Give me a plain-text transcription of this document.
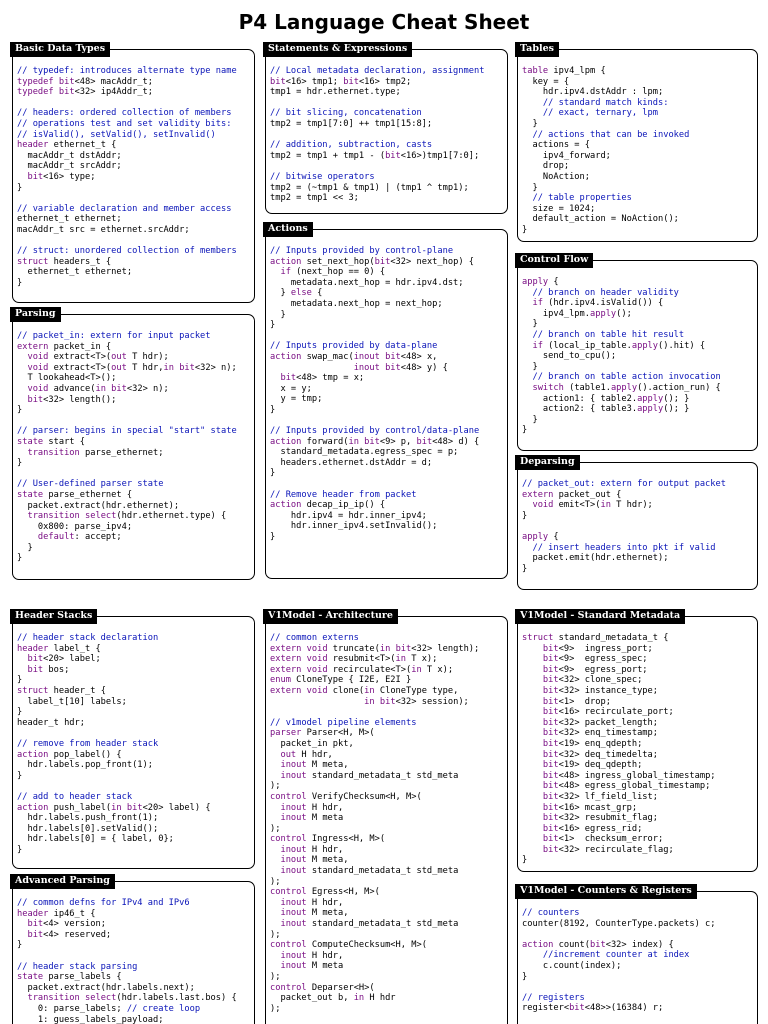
P4 Language Cheat Sheet
Basic Data Types
// typedef: introduces alternate type name
typedef bit<48> macAddr_t;
typedef bit<32> ip4Addr_t;

// headers: ordered collection of members
// operations test and set validity bits:
// isValid(), setValid(), setInvalid()
header ethernet_t {
macAddr_t dstAddr;
macAddr_t srcAddr;
bit<16> type;
}

// variable declaration and member access
ethernet_t ethernet;
macAddr_t src = ethernet.srcAddr;

// struct: unordered collection of members
struct headers_t {
ethernet_t ethernet;
}
Parsing
// packet_in: extern for input packet
extern packet_in {
void extract<T>(out T hdr);
void extract<T>(out T hdr,in bit<32> n);
T lookahead<T>();
void advance(in bit<32> n);
bit<32> length();
}

// parser: begins in special "start" state
state start {
transition parse_ethernet;
}

// User-defined parser state
state parse_ethernet {
packet.extract(hdr.ethernet);
transition select(hdr.ethernet.type) {
0x800: parse_ipv4;
default: accept;
}
}
Header Stacks
// header stack declaration
header label_t {
bit<20> label;
bit bos;
}
struct header_t {
label_t[10] labels;
}
header_t hdr;

// remove from header stack
action pop_label() {
hdr.labels.pop_front(1);
}

// add to header stack
action push_label(in bit<20> label) {
hdr.labels.push_front(1);
hdr.labels[0].setValid();
hdr.labels[0] = { label, 0};
}
Advanced Parsing
// common defns for IPv4 and IPv6
header ip46_t {
bit<4> version;
bit<4> reserved;
}

// header stack parsing
state parse_labels {
packet.extract(hdr.labels.next);
transition select(hdr.labels.last.bos) {
0: parse_labels; // create loop
1: guess_labels_payload;
Statements & Expressions
// Local metadata declaration, assignment
bit<16> tmp1; bit<16> tmp2;
tmp1 = hdr.ethernet.type;

// bit slicing, concatenation
tmp2 = tmp1[7:0] ++ tmp1[15:8];

// addition, subtraction, casts
tmp2 = tmp1 + tmp1 - (bit<16>)tmp1[7:0];

// bitwise operators
tmp2 = (~tmp1 & tmp1) | (tmp1 ^ tmp1);
tmp2 = tmp1 << 3;
Actions
// Inputs provided by control-plane
action set_next_hop(bit<32> next_hop) {
if (next_hop == 0) {
metadata.next_hop = hdr.ipv4.dst;
} else {
metadata.next_hop = next_hop;
}
}

// Inputs provided by data-plane
action swap_mac(inout bit<48> x,
inout bit<48> y) {
bit<48> tmp = x;
x = y;
y = tmp;
}

// Inputs provided by control/data-plane
action forward(in bit<9> p, bit<48> d) {
standard_metadata.egress_spec = p;
headers.ethernet.dstAddr = d;
}

// Remove header from packet
action decap_ip_ip() {
hdr.ipv4 = hdr.inner_ipv4;
hdr.inner_ipv4.setInvalid();
}
V1Model - Architecture
// common externs
extern void truncate(in bit<32> length);
extern void resubmit<T>(in T x);
extern void recirculate<T>(in T x);
enum CloneType { I2E, E2I }
extern void clone(in CloneType type,
in bit<32> session);

// v1model pipeline elements
parser Parser<H, M>(
packet_in pkt,
out H hdr,
inout M meta,
inout standard_metadata_t std_meta
);
control VerifyChecksum<H, M>(
inout H hdr,
inout M meta
);
control Ingress<H, M>(
inout H hdr,
inout M meta,
inout standard_metadata_t std_meta
);
control Egress<H, M>(
inout H hdr,
inout M meta,
inout standard_metadata_t std_meta
);
control ComputeChecksum<H, M>(
inout H hdr,
inout M meta
);
control Deparser<H>(
packet_out b, in H hdr
);
Tables
table ipv4_lpm {
key = {
hdr.ipv4.dstAddr : lpm;
// standard match kinds:
// exact, ternary, lpm
}
// actions that can be invoked
actions = {
ipv4_forward;
drop;
NoAction;
}
// table properties
size = 1024;
default_action = NoAction();
}
Control Flow
apply {
// branch on header validity
if (hdr.ipv4.isValid()) {
ipv4_lpm.apply();
}
// branch on table hit result
if (local_ip_table.apply().hit) {
send_to_cpu();
}
// branch on table action invocation
switch (table1.apply().action_run) {
action1: { table2.apply(); }
action2: { table3.apply(); }
}
}
Deparsing
// packet_out: extern for output packet
extern packet_out {
void emit<T>(in T hdr);
}

apply {
// insert headers into pkt if valid
packet.emit(hdr.ethernet);
}
V1Model - Standard Metadata
struct standard_metadata_t {
bit<9>  ingress_port;
bit<9>  egress_spec;
bit<9>  egress_port;
bit<32> clone_spec;
bit<32> instance_type;
bit<1>  drop;
bit<16> recirculate_port;
bit<32> packet_length;
bit<32> enq_timestamp;
bit<19> enq_qdepth;
bit<32> deq_timedelta;
bit<19> deq_qdepth;
bit<48> ingress_global_timestamp;
bit<48> egress_global_timestamp;
bit<32> lf_field_list;
bit<16> mcast_grp;
bit<32> resubmit_flag;
bit<16> egress_rid;
bit<1>  checksum_error;
bit<32> recirculate_flag;
}
V1Model - Counters & Registers
// counters
counter(8192, CounterType.packets) c;

action count(bit<32> index) {
//increment counter at index
c.count(index);
}

// registers
register<bit<48>>(16384) r;
